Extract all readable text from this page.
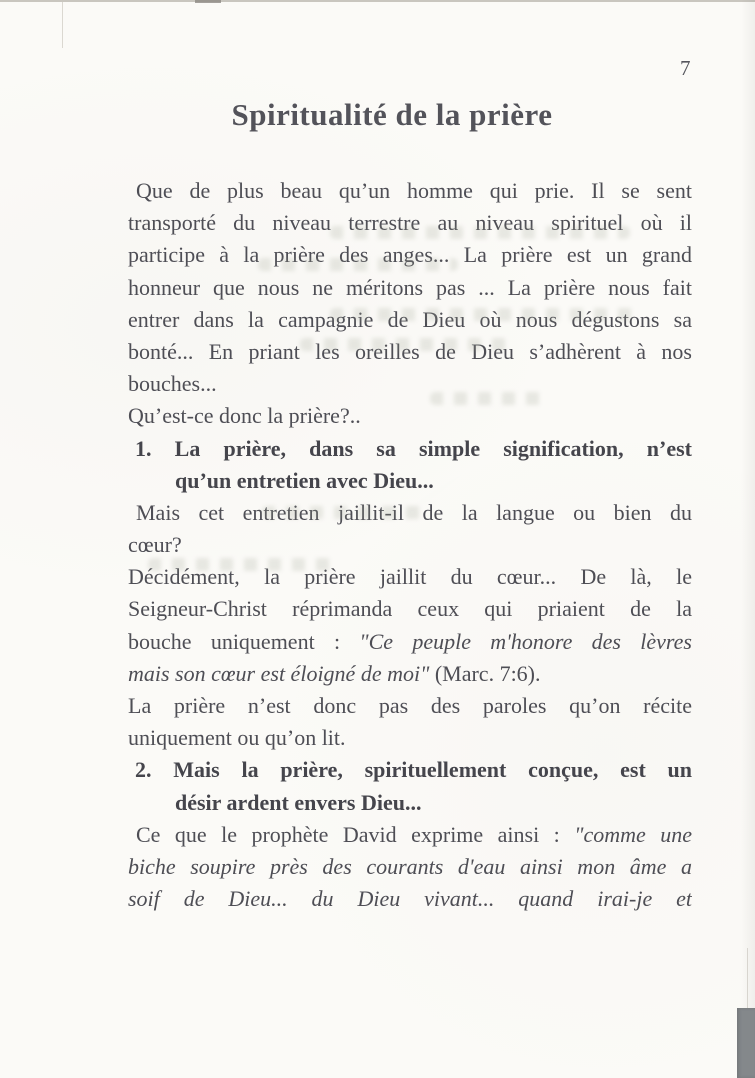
7
Spiritualité de la prière
Que de plus beau qu’un homme qui prie. Il se sent
transporté du niveau terrestre au niveau spirituel où il
participe à la prière des anges... La prière est un grand
honneur que nous ne méritons pas ... La prière nous fait
entrer dans la campagnie de Dieu où nous dégustons sa
bonté... En priant les oreilles de Dieu s’adhèrent à nos
bouches...
Qu’est-ce donc la prière?..
1. La prière, dans sa simple signification, n’est
qu’un entretien avec Dieu...
Mais cet entretien jaillit-il de la langue ou bien du
cœur?
Décidément, la prière jaillit du cœur... De là, le
Seigneur-Christ réprimanda ceux qui priaient de la
bouche uniquement : "Ce peuple m'honore des lèvres
mais son cœur est éloigné de moi" (Marc. 7:6).
La prière n’est donc pas des paroles qu’on récite
uniquement ou qu’on lit.
2. Mais la prière, spirituellement conçue, est un
désir ardent envers Dieu...
Ce que le prophète David exprime ainsi : "comme une
biche soupire près des courants d'eau ainsi mon âme a
soif de Dieu... du Dieu vivant... quand irai-je et
